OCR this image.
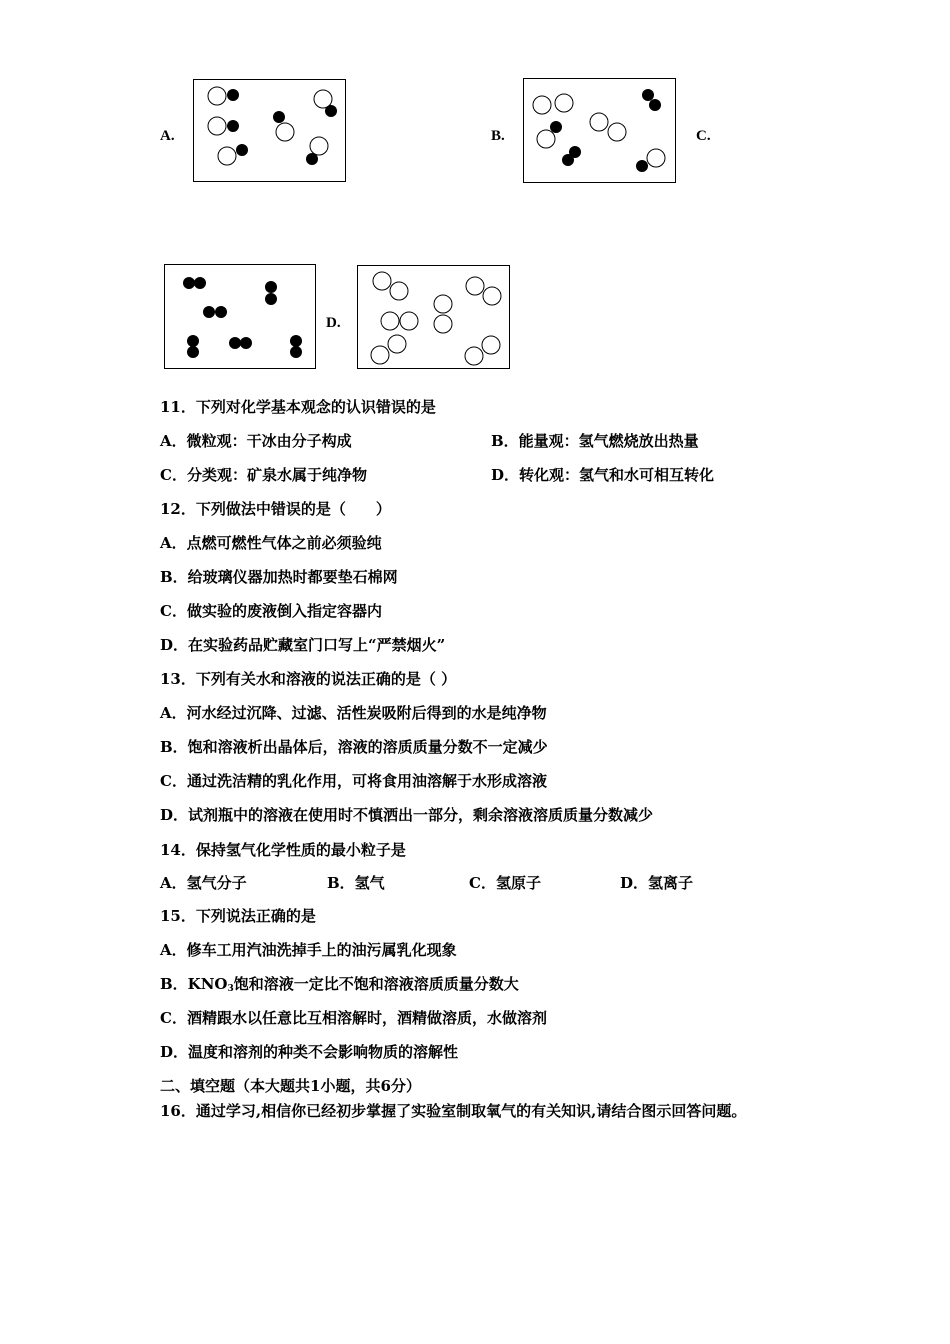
A.	B.	C.
D.
11．下列对化学基本观念的认识错误的是
A．微粒观：干冰由分子构成	B．能量观：氢气燃烧放出热量
C．分类观：矿泉水属于纯净物	D．转化观：氢气和水可相互转化
12．下列做法中错误的是（　　）
A．点燃可燃性气体之前必须验纯
B．给玻璃仪器加热时都要垫石棉网
C．做实验的废液倒入指定容器内
D．在实验药品贮藏室门口写上“严禁烟火”
13．下列有关水和溶液的说法正确的是（ ）
A．河水经过沉降、过滤、活性炭吸附后得到的水是纯净物
B．饱和溶液析出晶体后，溶液的溶质质量分数不一定减少
C．通过洗洁精的乳化作用，可将食用油溶解于水形成溶液
D．试剂瓶中的溶液在使用时不慎洒出一部分，剩余溶液溶质质量分数减少
14．保持氢气化学性质的最小粒子是
A．氢气分子	B．氢气	C．氢原子	D．氢离子
15．下列说法正确的是
A．修车工用汽油洗掉手上的油污属乳化现象
B．$KNO_3$饱和溶液一定比不饱和溶液溶质质量分数大
C．酒精跟水以任意比互相溶解时，酒精做溶质，水做溶剂
D．温度和溶剂的种类不会影响物质的溶解性
二、填空题（本大题共1小题，共6分）
16．通过学习,相信你已经初步掌握了实验室制取氧气的有关知识,请结合图示回答问题。
